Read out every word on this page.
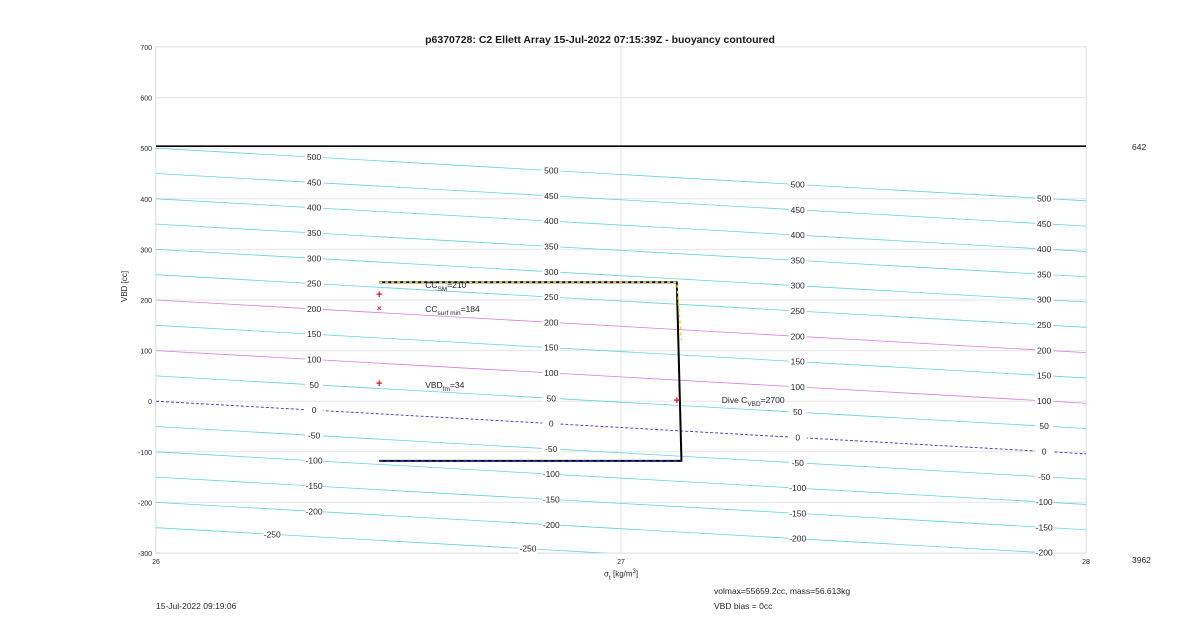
-200
-150
-100
-50
0
50
100
150
200
250
300
350
400
450
500
-200
-150
-100
-50
0
50
100
150
200
250
300
350
400
450
500
-200
-150
-100
-50
0
50
100
150
200
250
300
350
400
450
500
-200
-150
-100
-50
0
50
100
150
200
250
300
350
400
450
500
-250
-250
+
$CC_{SM}=210$
×	$CC_{surf min}=184$
+	$VBD_{fm}=34$
+	Dive $C_{VBD}=2700$
-300
-200
-100
0
100
200
300
400
500
600
700
26	27	28
p6370728: C2 Ellett Array 15-Jul-2022 07:15:39Z - buoyancy contoured
VBD [cc]
$\sigma_t$ $[kg/m^3]$
15-Jul-2022 09:19:06
volmax=55659.2cc, mass=56.613kg
VBD bias = 0cc
642
3962
